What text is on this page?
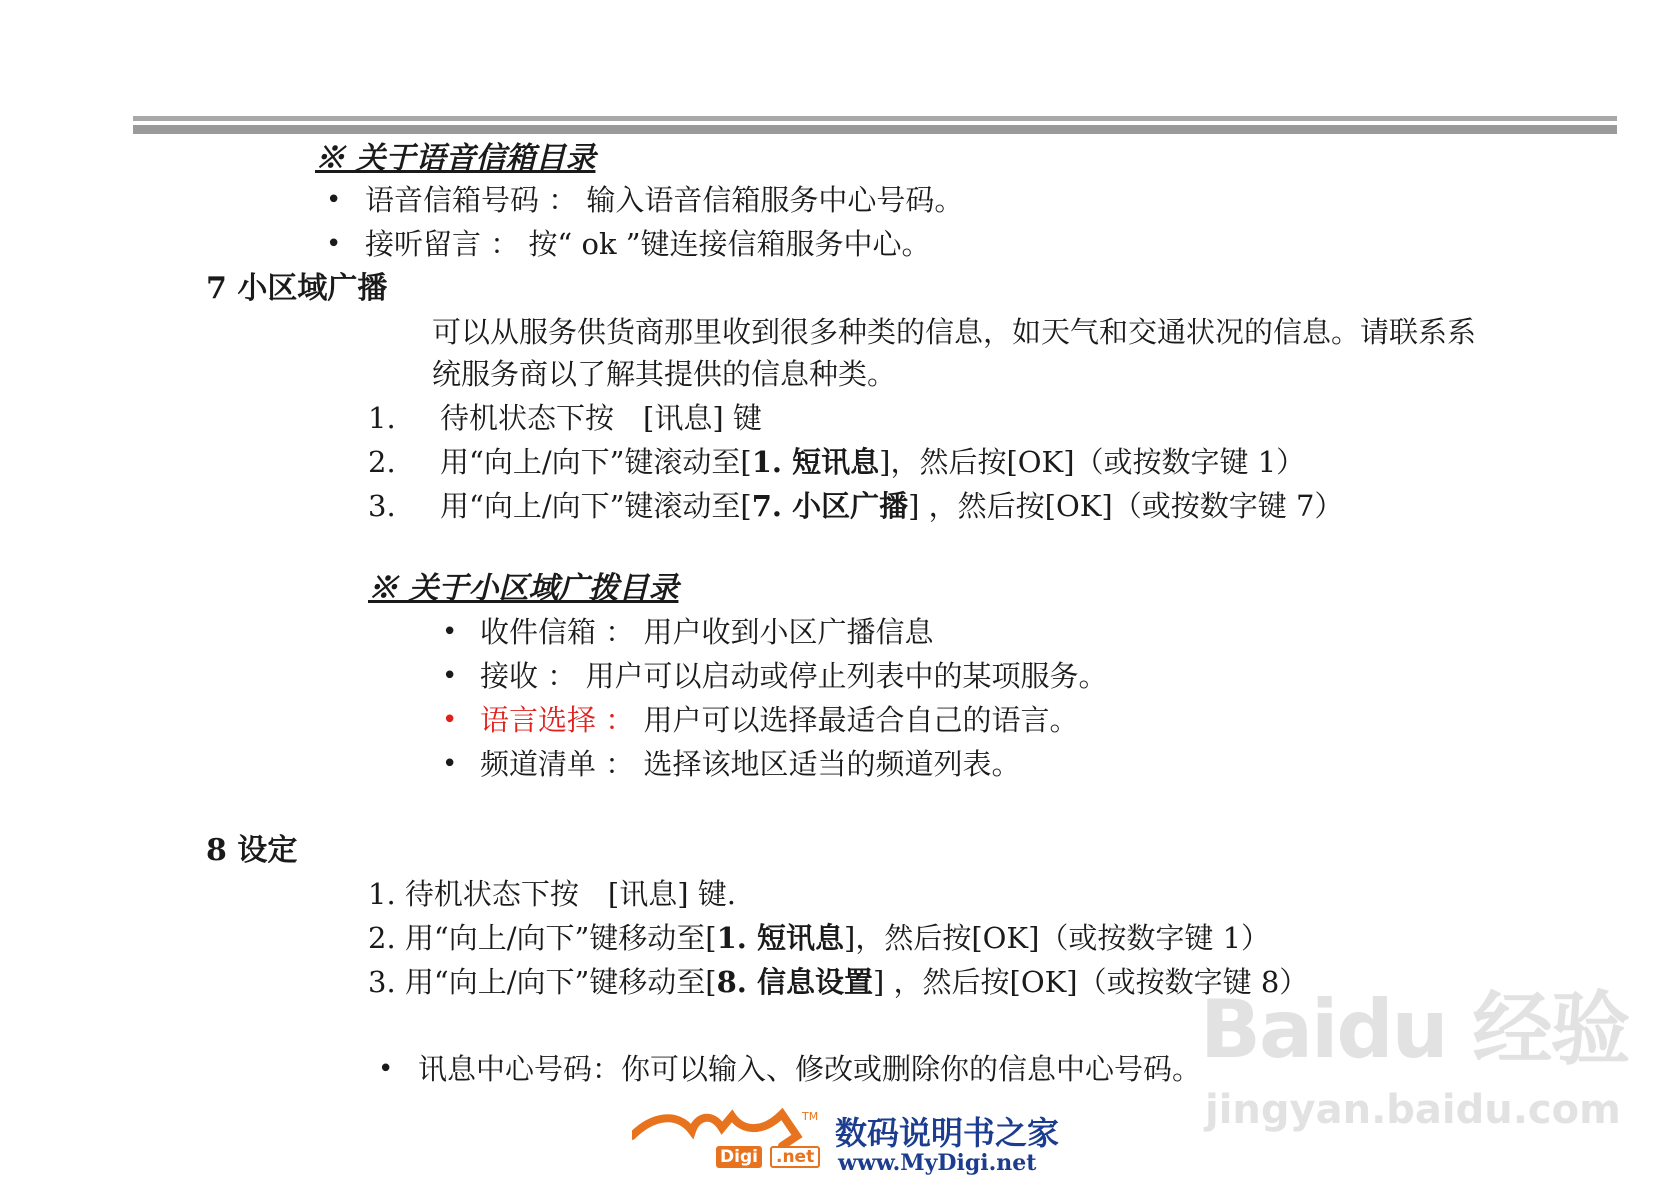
※ 关于语音信箱目录
• 语音信箱号码 ： 输入语音信箱服务中心号码。
• 接听留言 ： 按“ ok ”键连接信箱服务中心。
7 小区域广播
可以从服务供货商那里收到很多种类的信息，如天气和交通状况的信息。请联系系
统服务商以了解其提供的信息种类。
1. 待机状态下按　[讯息] 键
2. 用“向上/向下”键滚动至[1. 短讯息]，然后按[OK]（或按数字键 1）
3. 用“向上/向下”键滚动至[7. 小区广播] ，然后按[OK]（或按数字键 7）
※ 关于小区域广拨目录
• 收件信箱 ： 用户收到小区广播信息
• 接收 ： 用户可以启动或停止列表中的某项服务。
• 语言选择 ： 用户可以选择最适合自己的语言。
• 频道清单 ： 选择该地区适当的频道列表。
8 设定
1. 待机状态下按　[讯息] 键.
2. 用“向上/向下”键移动至[1. 短讯息]，然后按[OK]（或按数字键 1）
3. 用“向上/向下”键移动至[8. 信息设置] ，然后按[OK]（或按数字键 8）
• 讯息中心号码：你可以输入、修改或删除你的信息中心号码。
Baidu 经验
jingyan.baidu.com
TM
Digi	.net
数码说明书之家
www.MyDigi.net
